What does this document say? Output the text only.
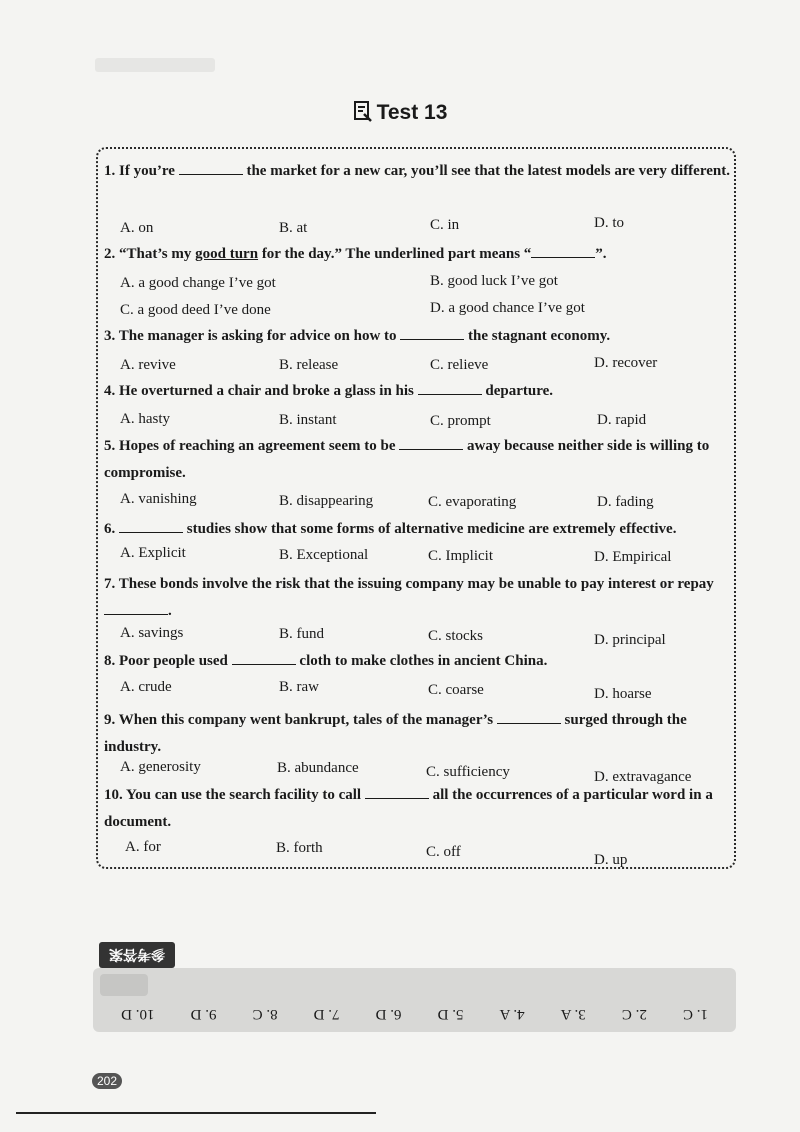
Test 13
1. If you’re	the market for a new car, you’ll see that the latest models are very different.
A. on	B. at	C. in	D. to
2. “That’s my good turn for the day.” The underlined part means “	”.
A. a good change I’ve got	B. good luck I’ve got
C. a good deed I’ve done	D. a good chance I’ve got
3. The manager is asking for advice on how to	the stagnant economy.
A. revive	B. release	C. relieve	D. recover
4. He overturned a chair and broke a glass in his	departure.
A. hasty	B. instant	C. prompt	D. rapid
5. Hopes of reaching an agreement seem to be	away because neither side is willing to compromise.
A. vanishing	B. disappearing	C. evaporating	D. fading
6.	studies show that some forms of alternative medicine are extremely effective.
A. Explicit	B. Exceptional	C. Implicit	D. Empirical
7. These bonds involve the risk that the issuing company may be unable to pay interest or repay .
A. savings	B. fund	C. stocks	D. principal
8. Poor people used	cloth to make clothes in ancient China.
A. crude	B. raw	C. coarse	D. hoarse
9. When this company went bankrupt, tales of the manager’s	surged through the industry.
A. generosity	B. abundance	C. sufficiency	D. extravagance
10. You can use the search facility to call	all the occurrences of a particular word in a document.
A. for	B. forth	C. off	D. up
1. C
2. C
3. A
4. A
5. D
6. D
7. D
8. C
9. D
10. D
参考答案
202
